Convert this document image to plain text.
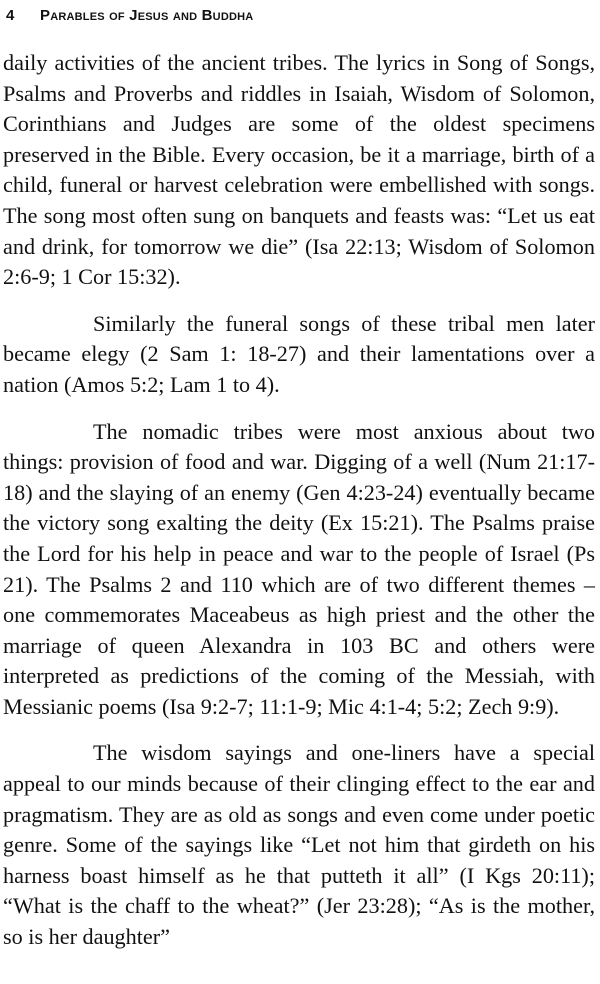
4	Parables of Jesus and Buddha

daily activities of the ancient tribes. The lyrics in Song of Songs, Psalms and Proverbs and riddles in Isaiah, Wisdom of Solomon, Corinthians and Judges are some of the oldest specimens preserved in the Bible. Every occasion, be it a marriage, birth of a child, funeral or harvest celebration were embellished with songs. The song most often sung on banquets and feasts was: “Let us eat and drink, for tomorrow we die” (Isa 22:13; Wisdom of Solomon 2:6-9; 1 Cor 15:32).

Similarly the funeral songs of these tribal men later became elegy (2 Sam 1: 18-27) and their lamentations over a nation (Amos 5:2; Lam 1 to 4).

The nomadic tribes were most anxious about two things: provision of food and war. Digging of a well (Num 21:17-18) and the slaying of an enemy (Gen 4:23-24) eventually became the victory song exalting the deity (Ex 15:21). The Psalms praise the Lord for his help in peace and war to the people of Israel (Ps 21). The Psalms 2 and 110 which are of two different themes – one commemorates Maceabeus as high priest and the other the marriage of queen Alexandra in 103 BC and others were interpreted as predictions of the coming of the Messiah, with Messianic poems (Isa 9:2-7; 11:1-9; Mic 4:1-4; 5:2; Zech 9:9).

The wisdom sayings and one-liners have a special appeal to our minds because of their clinging effect to the ear and pragmatism. They are as old as songs and even come under poetic genre. Some of the sayings like “Let not him that girdeth on his harness boast himself as he that putteth it all” (I Kgs 20:11); “What is the chaff to the wheat?” (Jer 23:28); “As is the mother, so is her daughter”
